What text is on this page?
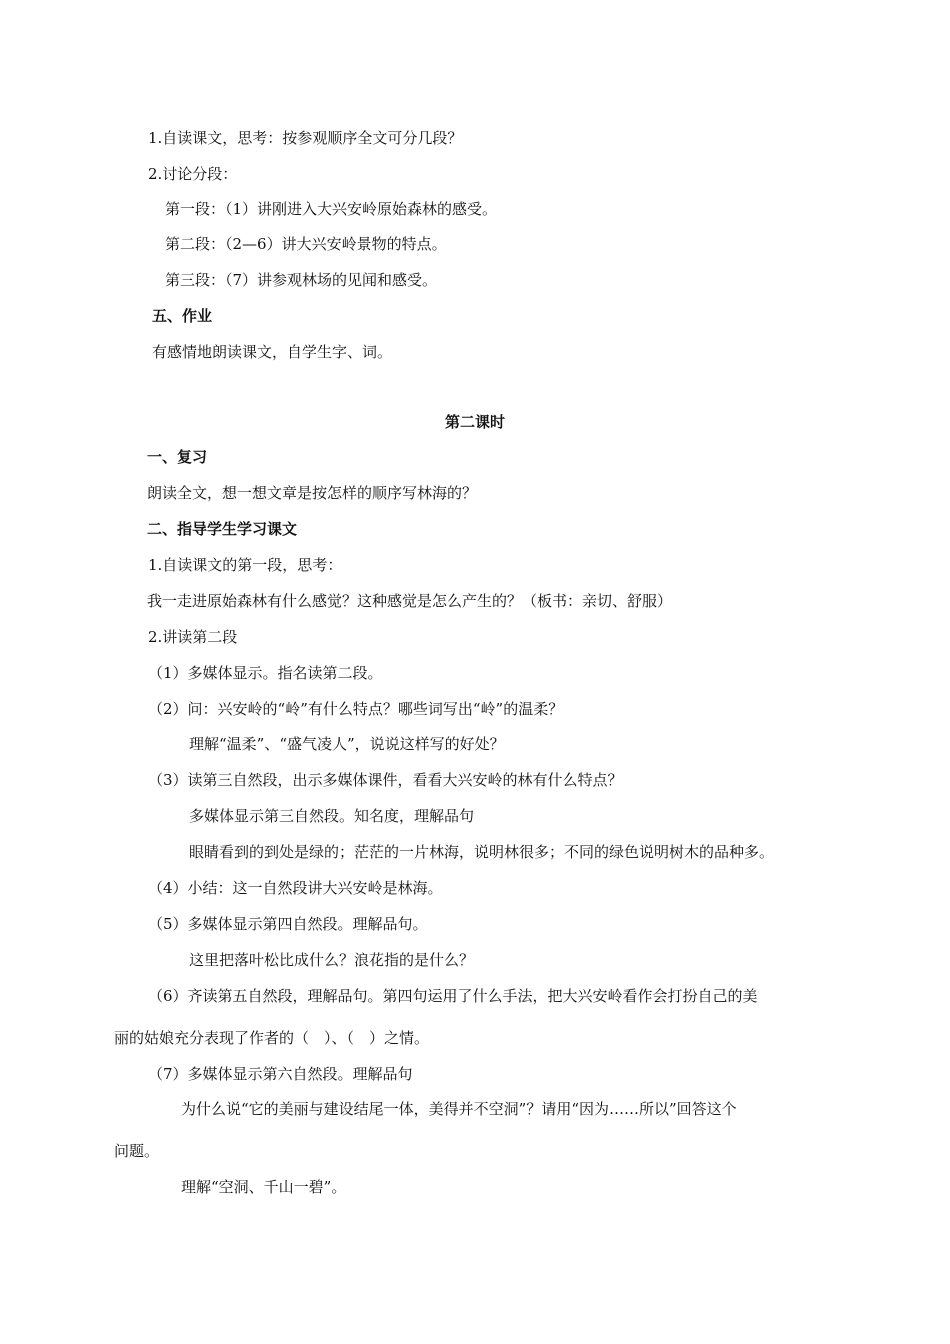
1.自读课文，思考：按参观顺序全文可分几段？
2.讨论分段：
第一段：（1）讲刚进入大兴安岭原始森林的感受。
第二段：（2—6）讲大兴安岭景物的特点。
第三段：（7）讲参观林场的见闻和感受。
五、作业
有感情地朗读课文，自学生字、词。
第二课时
一、复习
朗读全文，想一想文章是按怎样的顺序写林海的？
二、指导学生学习课文
1.自读课文的第一段，思考：
我一走进原始森林有什么感觉？这种感觉是怎么产生的？（板书：亲切、舒服）
2.讲读第二段
（1）多媒体显示。指名读第二段。
（2）问：兴安岭的“岭”有什么特点？哪些词写出“岭”的温柔？
理解“温柔”、“盛气凌人”，说说这样写的好处？
（3）读第三自然段，出示多媒体课件，看看大兴安岭的林有什么特点？
多媒体显示第三自然段。知名度，理解品句
眼睛看到的到处是绿的；茫茫的一片林海，说明林很多；不同的绿色说明树木的品种多。
（4）小结：这一自然段讲大兴安岭是林海。
（5）多媒体显示第四自然段。理解品句。
这里把落叶松比成什么？浪花指的是什么？
（6）齐读第五自然段，理解品句。第四句运用了什么手法，把大兴安岭看作会打扮自己的美
丽的姑娘充分表现了作者的（　）、（　）之情。
（7）多媒体显示第六自然段。理解品句
为什么说“它的美丽与建设结尾一体，美得并不空洞”？请用“因为……所以”回答这个
问题。
理解“空洞、千山一碧”。
